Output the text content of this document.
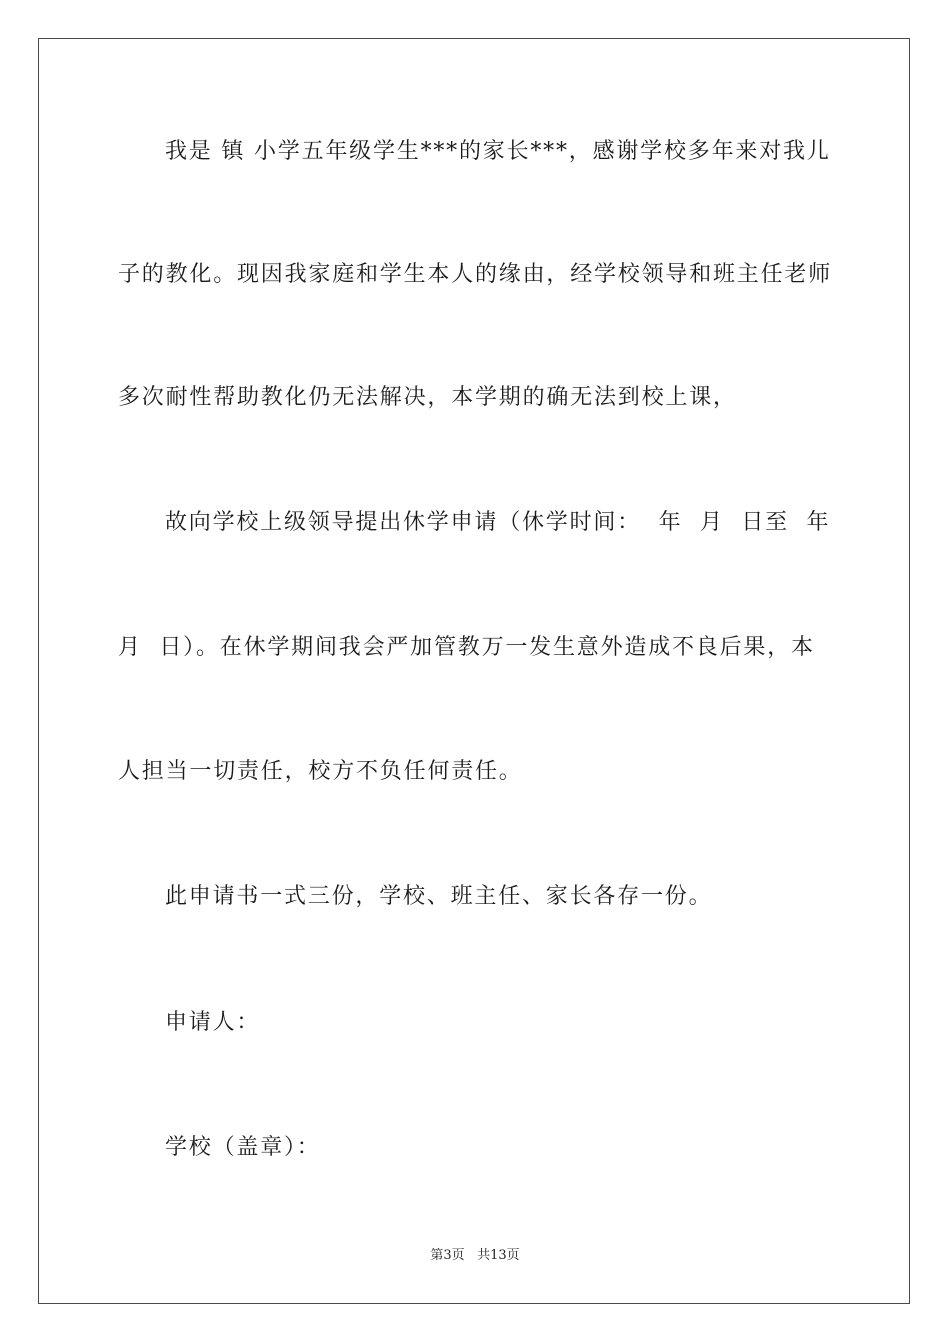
我是 镇 小学五年级学生***的家长***，感谢学校多年来对我儿
子的教化。现因我家庭和学生本人的缘由，经学校领导和班主任老师
多次耐性帮助教化仍无法解决，本学期的确无法到校上课，
故向学校上级领导提出休学申请（休学时间：  年  月  日至  年
月  日）。在休学期间我会严加管教万一发生意外造成不良后果，本
人担当一切责任，校方不负任何责任。
此申请书一式三份，学校、班主任、家长各存一份。
申请人：
学校（盖章）：
第3页 共13页
